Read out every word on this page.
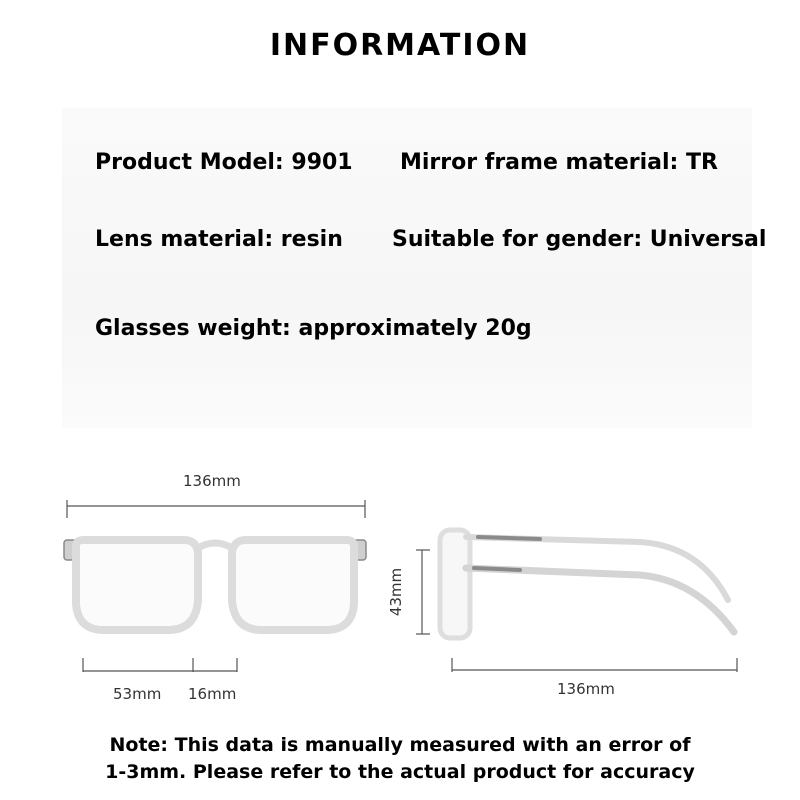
INFORMATION
Product Model: 9901 Mirror frame material: TR
Lens material: resin Suitable for gender: Universal
Glasses weight: approximately 20g
136mm
53mm 16mm
43mm
136mm
Note: This data is manually measured with an error of
1-3mm. Please refer to the actual product for accuracy
